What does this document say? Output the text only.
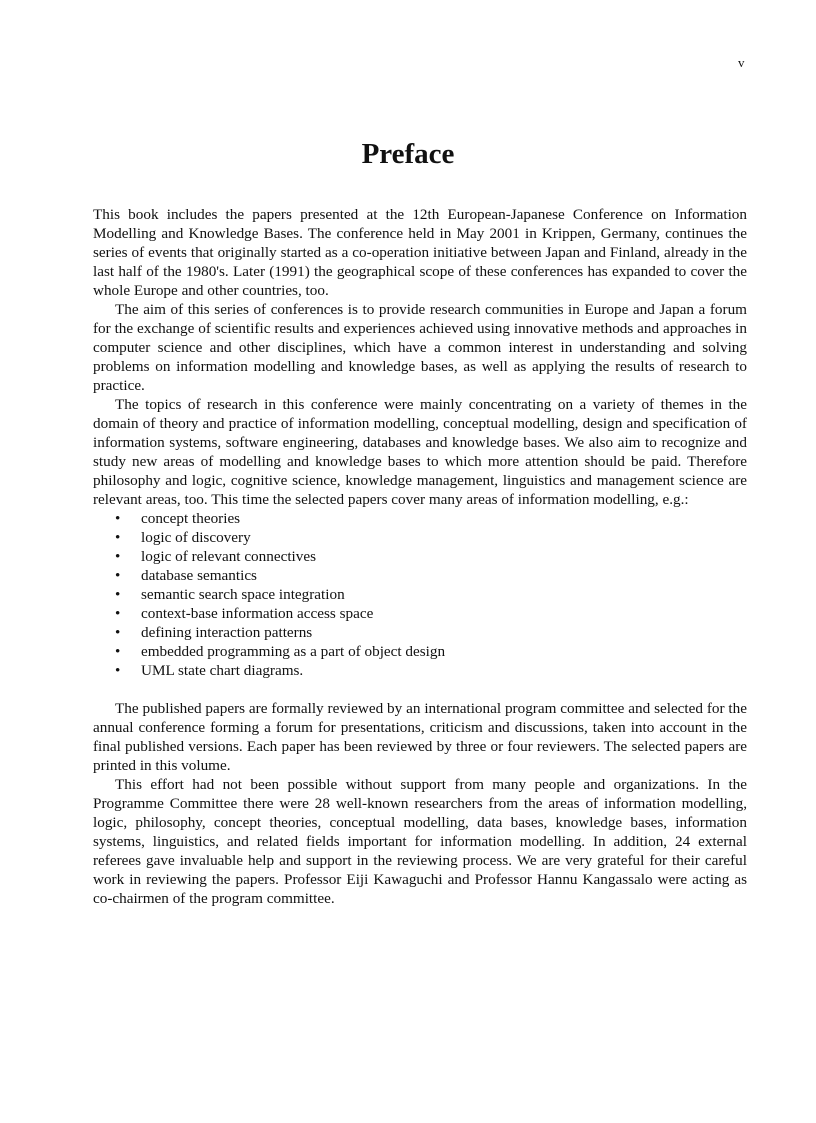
v
Preface

This book includes the papers presented at the 12th European-Japanese Conference on Information Modelling and Knowledge Bases. The conference held in May 2001 in Krippen, Germany, continues the series of events that originally started as a co-operation initiative between Japan and Finland, already in the last half of the 1980's. Later (1991) the geographical scope of these conferences has expanded to cover the whole Europe and other countries, too.

The aim of this series of conferences is to provide research communities in Europe and Japan a forum for the exchange of scientific results and experiences achieved using innovative methods and approaches in computer science and other disciplines, which have a common interest in understanding and solving problems on information modelling and knowledge bases, as well as applying the results of research to practice.

The topics of research in this conference were mainly concentrating on a variety of themes in the domain of theory and practice of information modelling, conceptual modelling, design and specification of information systems, software engineering, databases and knowledge bases. We also aim to recognize and study new areas of modelling and knowledge bases to which more attention should be paid. Therefore philosophy and logic, cognitive science, knowledge management, linguistics and management science are relevant areas, too. This time the selected papers cover many areas of information modelling, e.g.:

• concept theories
• logic of discovery
• logic of relevant connectives
• database semantics
• semantic search space integration
• context-base information access space
• defining interaction patterns
• embedded programming as a part of object design
• UML state chart diagrams.

The published papers are formally reviewed by an international program committee and selected for the annual conference forming a forum for presentations, criticism and discussions, taken into account in the final published versions. Each paper has been reviewed by three or four reviewers. The selected papers are printed in this volume.

This effort had not been possible without support from many people and organizations. In the Programme Committee there were 28 well-known researchers from the areas of information modelling, logic, philosophy, concept theories, conceptual modelling, data bases, knowledge bases, information systems, linguistics, and related fields important for information modelling. In addition, 24 external referees gave invaluable help and support in the reviewing process. We are very grateful for their careful work in reviewing the papers. Professor Eiji Kawaguchi and Professor Hannu Kangassalo were acting as co-chairmen of the program committee.
